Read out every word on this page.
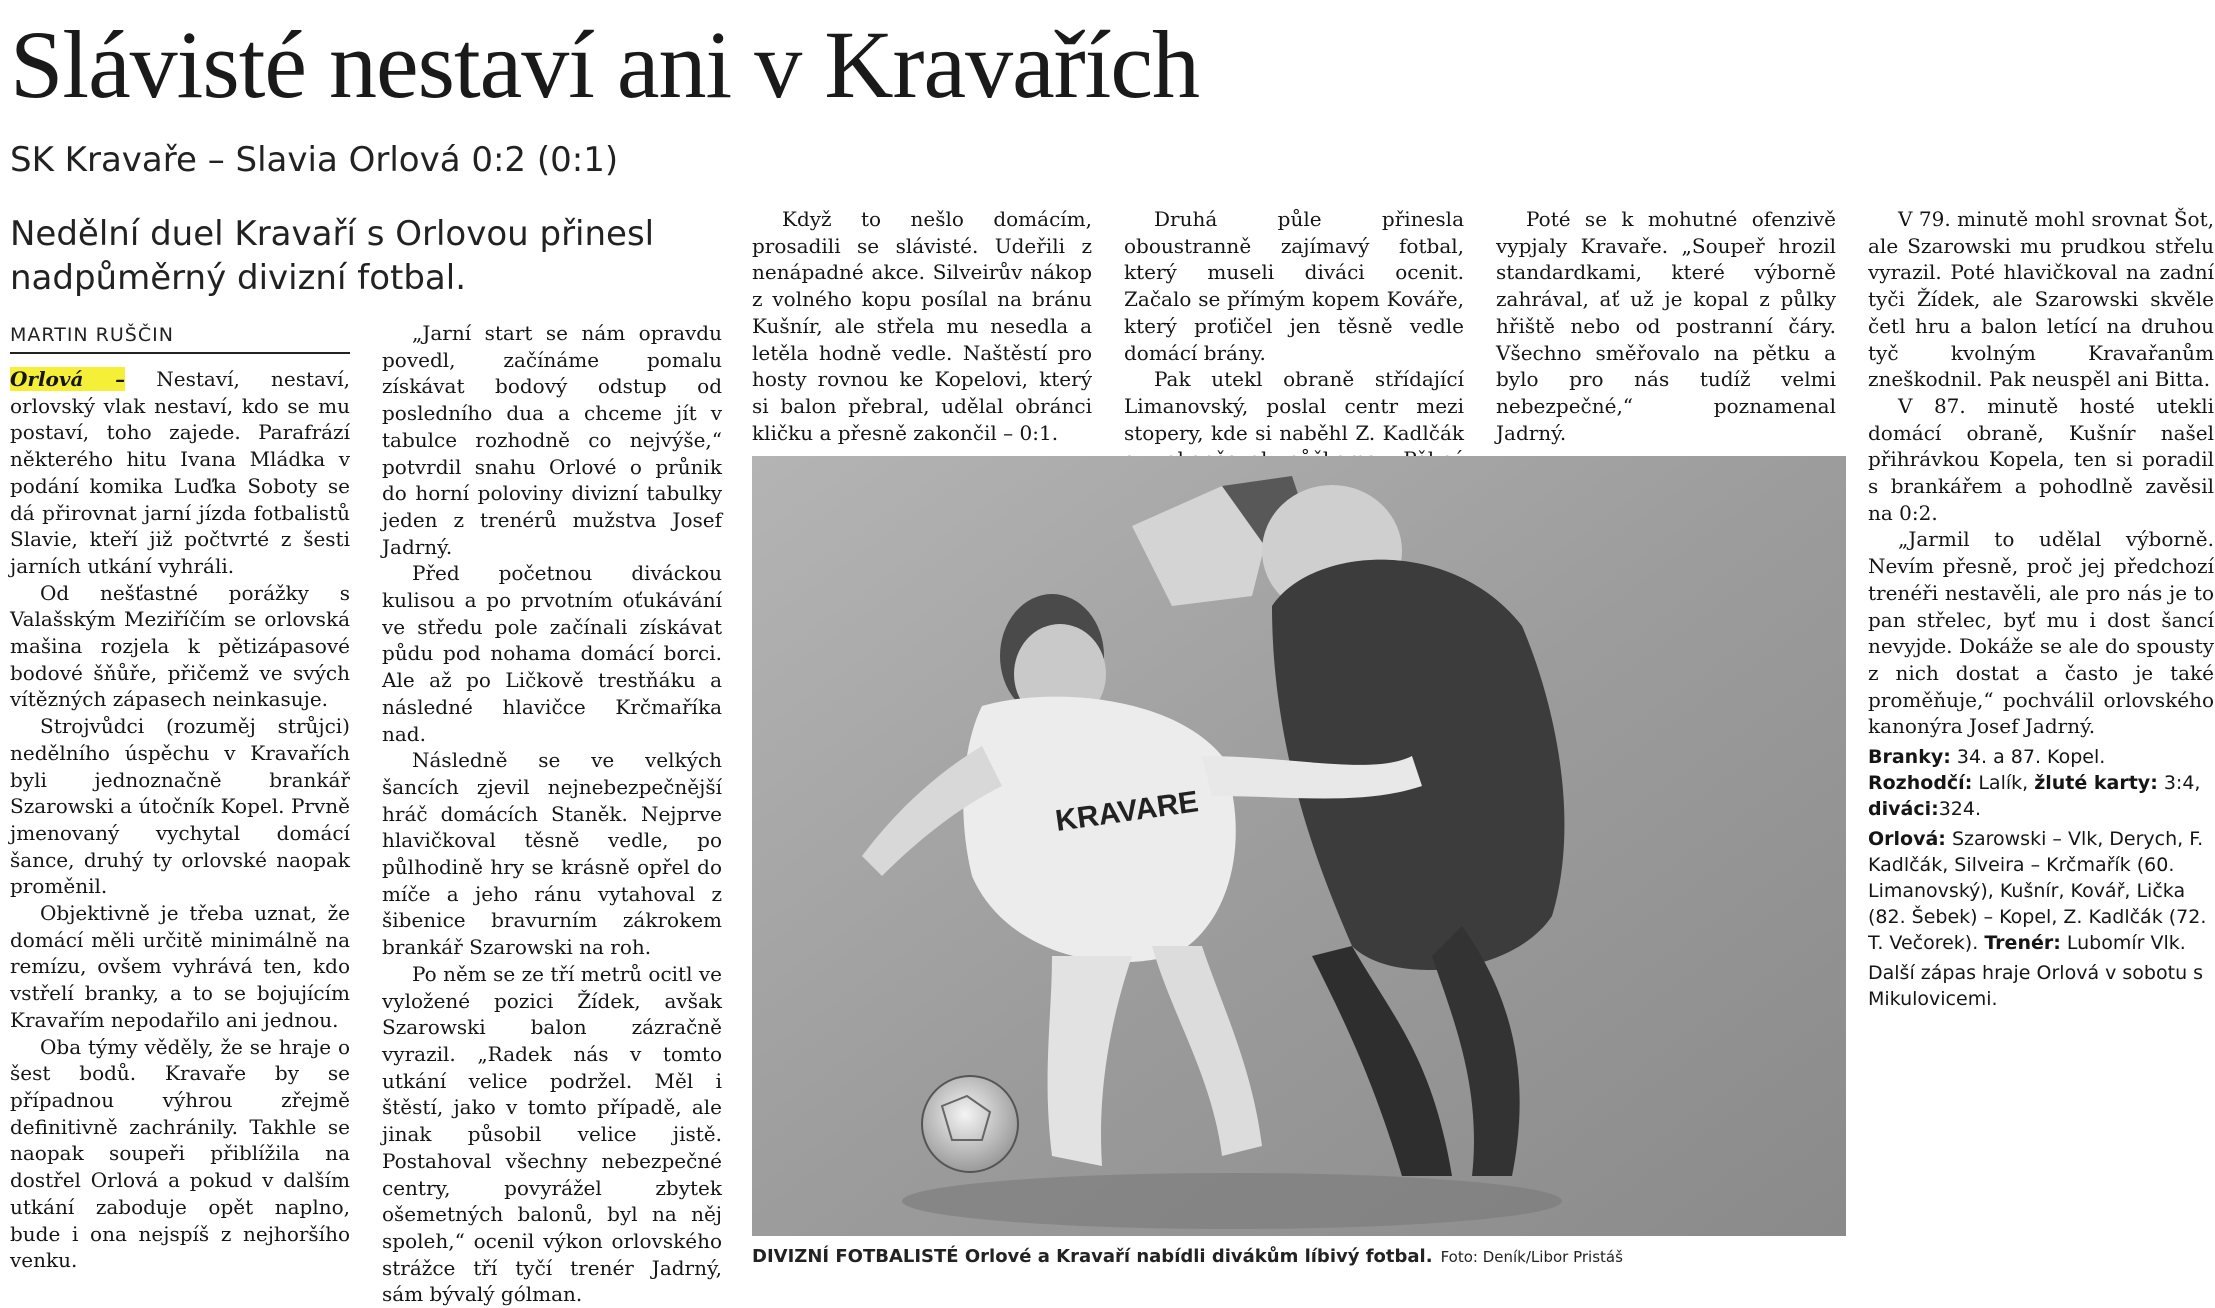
Slávisté nestaví ani v Kravařích
SK Kravaře – Slavia Orlová 0:2 (0:1)
Nedělní duel Kravaří s Orlovou přinesl nadpůměrný divizní fotbal.
MARTIN RUŠČIN

Orlová – Nestaví, nestaví, orlovský vlak nestaví, kdo se mu postaví, toho zajede. Parafrází některého hitu Ivana Mládka v podání komika Luďka Soboty se dá přirovnat jarní jízda fotbalistů Slavie, kteří již počtvrté z šesti jarních utkání vyhráli.

Od nešťastné porážky s Valašským Meziříčím se orlovská mašina rozjela k pětizápasové bodové šňůře, přičemž ve svých vítězných zápasech neinkasuje.

Strojvůdci (rozuměj strůjci) nedělního úspěchu v Kravařích byli jednoznačně brankář Szarowski a útočník Kopel. Prvně jmenovaný vychytal domácí šance, druhý ty orlovské naopak proměnil.

Objektivně je třeba uznat, že domácí měli určitě minimálně na remízu, ovšem vyhrává ten, kdo vstřelí branky, a to se bojujícím Kravařím nepodařilo ani jednou.

Oba týmy věděly, že se hraje o šest bodů. Kravaře by se případnou výhrou zřejmě definitivně zachránily. Takhle se naopak soupeři přiblížila na dostřel Orlová a pokud v dalším utkání zaboduje opět naplno, bude i ona nejspíš z nejhoršího venku.

„Jarní start se nám opravdu povedl, začínáme pomalu získávat bodový odstup od posledního dua a chceme jít v tabulce rozhodně co nejvýše,“ potvrdil snahu Orlové o průnik do horní poloviny divizní tabulky jeden z trenérů mužstva Josef Jadrný.

Před početnou diváckou kulisou a po prvotním oťukávání ve středu pole začínali získávat půdu pod nohama domácí borci. Ale až po Ličkově trestňáku a následné hlavičce Krčmaříka nad.

Následně se ve velkých šancích zjevil nejnebezpečnější hráč domácích Staněk. Nejprve hlavičkoval těsně vedle, po půlhodině hry se krásně opřel do míče a jeho ránu vytahoval z šibenice bravurním zákrokem brankář Szarowski na roh.

Po něm se ze tří metrů ocitl ve vyložené pozici Žídek, avšak Szarowski balon zázračně vyrazil. „Radek nás v tomto utkání velice podržel. Měl i štěstí, jako v tomto případě, ale jinak působil velice jistě. Postahoval všechny nebezpečné centry, povyrážel zbytek ošemetných balonů, byl na něj spoleh,“ ocenil výkon orlovského strážce tří tyčí trenér Jadrný, sám bývalý gólman.

Když to nešlo domácím, prosadili se slávisté. Udeřili z nenápadné akce. Silveirův nákop z volného kopu posílal na bránu Kušnír, ale střela mu nesedla a letěla hodně vedle. Naštěstí pro hosty rovnou ke Kopelovi, který si balon přebral, udělal obránci kličku a přesně zakončil – 0:1.

Druhá půle přinesla oboustranně zajímavý fotbal, který museli diváci ocenit. Začalo se přímým kopem Kováře, který proťičel jen těsně vedle domácí brány.

Pak utekl obraně střídající Limanovský, poslal centr mezi stopery, kde si naběhl Z. Kadlčák

Poté se k mohutné ofenzivě vypjaly Kravaře. „Soupeř hrozil standardkami, které výborně zahrával, ať už je kopal z půlky hřiště nebo od postranní čáry. Všechno směřovalo na pětku a bylo pro nás tudíž velmi nebezpečné,“ poznamenal Jadrný.

V 79. minutě mohl srovnat Šot, ale Szarowski mu prudkou střelu vyrazil. Poté hlavičkoval na zadní tyči Žídek, ale Szarowski skvěle četl hru a balon letící na druhou tyč kvolným Kravařanům zneškodnil. Pak neuspěl ani Bitta.

V 87. minutě hosté utekli domácí obraně, Kušnír našel přihrávkou Kopela, ten si poradil s brankářem a pohodlně zavěsil na 0:2.

„Jarmil to udělal výborně. Nevím přesně, proč jej předchozí trenéři nestavěli, ale pro nás je to pan střelec, byť mu i dost šancí nevyjde. Dokáže se ale do spousty z nich dostat a často je také proměňuje,“ pochválil orlovského kanonýra Josef Jadrný.

Branky: 34. a 87. Kopel. Rozhodčí: Lalík, žluté karty: 3:4, diváci:324.

Orlová: Szarowski – Vlk, Derych, F. Kadlčák, Silveira – Krčmařík (60. Limanovský), Kušnír, Kovář, Lička (82. Šebek) – Kopel, Z. Kadlčák (72. T. Večorek). Trenér: Lubomír Vlk.

Další zápas hraje Orlová v sobotu s Mikulovicemi.

KRAVARE
DIVIZNÍ FOTBALISTÉ Orlové a Kravaří nabídli divákům líbivý fotbal. Foto: Deník/Libor Pristáš
